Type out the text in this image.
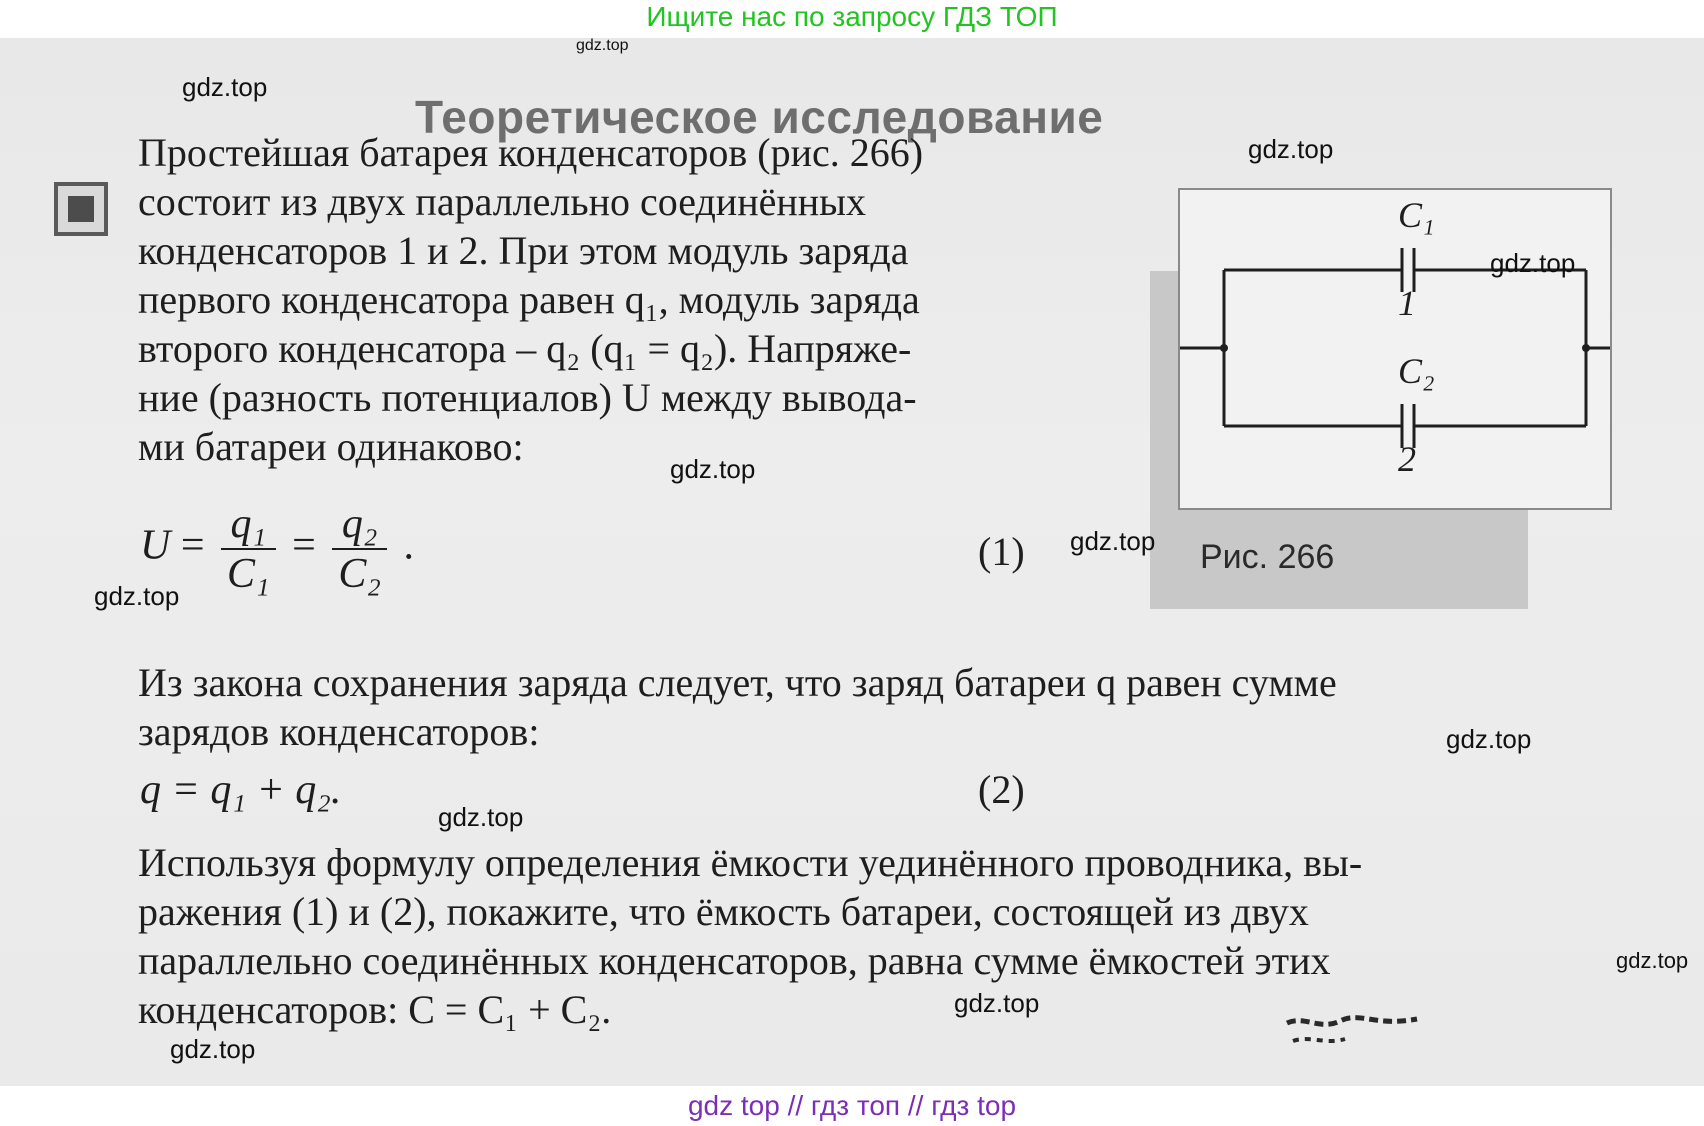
Ищите нас по запросу ГДЗ ТОП
Теоретическое исследование
Простейшая батарея конденсаторов (рис. 266)
состоит из двух параллельно соединённых
конденсаторов 1 и 2. При этом модуль заряда
первого конденсатора равен q₁, модуль заряда
второго конденсатора – q₂ (q₁ = q₂). Напряже-
ние (разность потенциалов) U между вывода-
ми батареи одинаково:
$U = \frac{\text{q₁}}{\text{C₁}} = \frac{\text{q₂}}{\text{C₂}}$ .	(1)
Из закона сохранения заряда следует, что заряд батареи q равен сумме
зарядов конденсаторов:
q = q₁ + q₂.	(2)
Используя формулу определения ёмкости уединённого проводника, вы-
ражения (1) и (2), покажите, что ёмкость батареи, состоящей из двух
параллельно соединённых конденсаторов, равна сумме ёмкостей этих
конденсаторов: C = C₁ + C₂.
C₁
1
C₂
2
Рис. 266
gdz.top
gdz.top
gdz.top
gdz.top
gdz.top
gdz.top
gdz.top
gdz.top
gdz.top
gdz.top
gdz.top
gdz.top
gdz top // гдз топ // гдз top
